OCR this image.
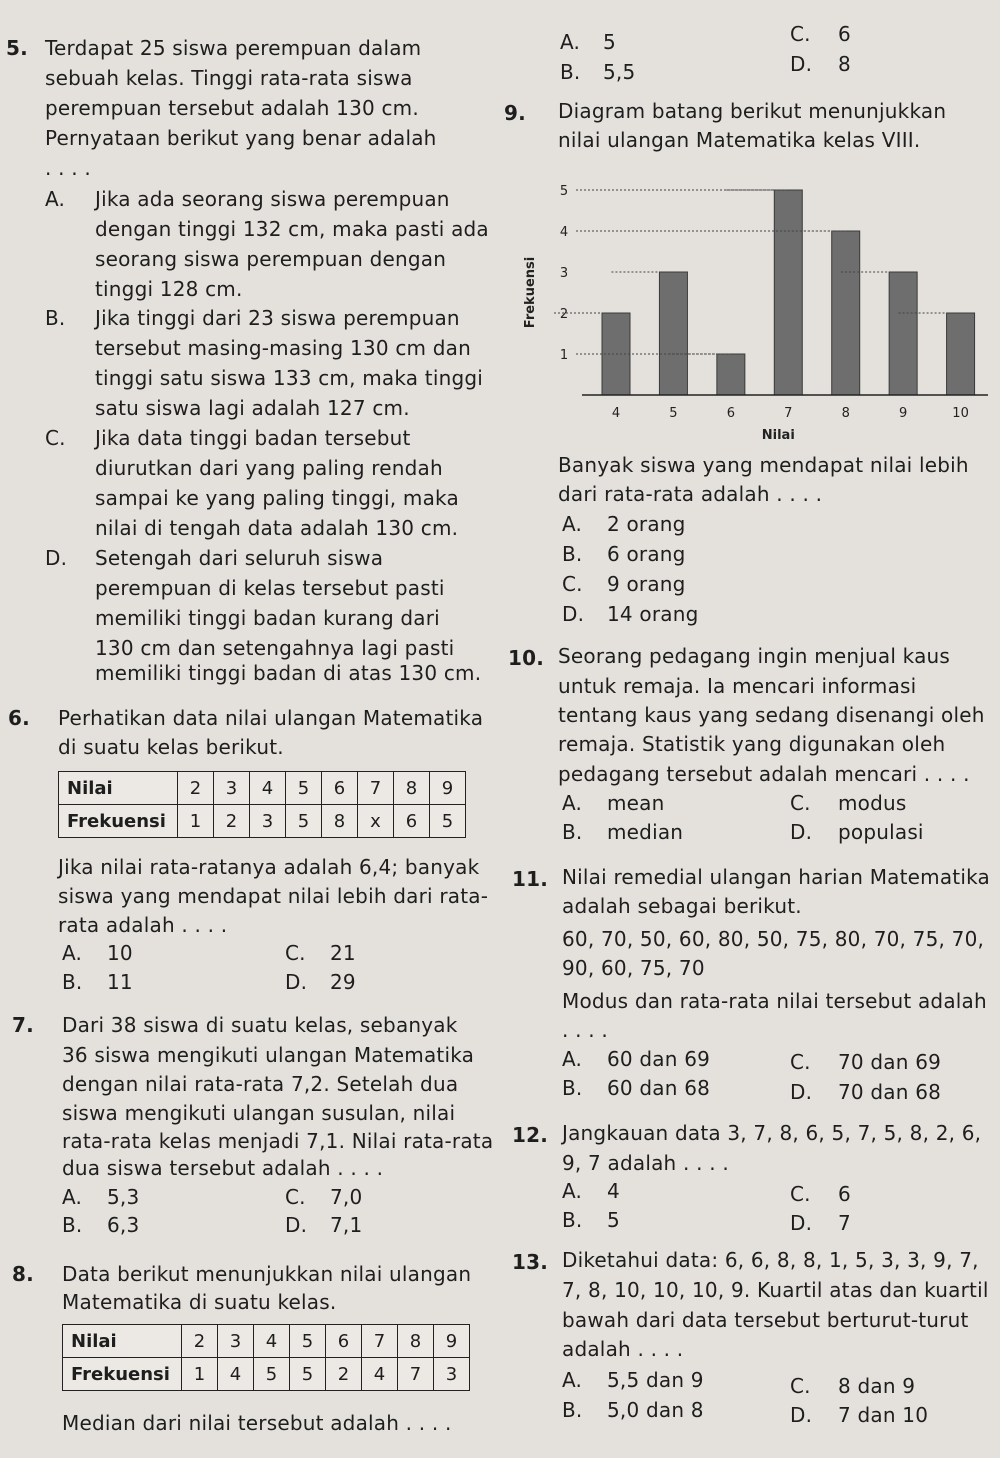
5. Terdapat 25 siswa perempuan dalam
sebuah kelas. Tinggi rata-rata siswa
perempuan tersebut adalah 130 cm.
Pernyataan berikut yang benar adalah
. . . .
A. Jika ada seorang siswa perempuan
dengan tinggi 132 cm, maka pasti ada
seorang siswa perempuan dengan
tinggi 128 cm.
B. Jika tinggi dari 23 siswa perempuan
tersebut masing-masing 130 cm dan
tinggi satu siswa 133 cm, maka tinggi
satu siswa lagi adalah 127 cm.
C. Jika data tinggi badan tersebut
diurutkan dari yang paling rendah
sampai ke yang paling tinggi, maka
nilai di tengah data adalah 130 cm.
D. Setengah dari seluruh siswa
perempuan di kelas tersebut pasti
memiliki tinggi badan kurang dari
130 cm dan setengahnya lagi pasti
memiliki tinggi badan di atas 130 cm.
6. Perhatikan data nilai ulangan Matematika
di suatu kelas berikut.
Nilai	2	3	4	5	6	7	8	9
Frekuensi	1	2	3	5	8	x	6	5
Jika nilai rata-ratanya adalah 6,4; banyak
siswa yang mendapat nilai lebih dari rata-
rata adalah . . . .
A. 10	C. 21
B. 11	D. 29
7. Dari 38 siswa di suatu kelas, sebanyak
36 siswa mengikuti ulangan Matematika
dengan nilai rata-rata 7,2. Setelah dua
siswa mengikuti ulangan susulan, nilai
rata-rata kelas menjadi 7,1. Nilai rata-rata
dua siswa tersebut adalah . . . .
A. 5,3	C. 7,0
B. 6,3	D. 7,1
8. Data berikut menunjukkan nilai ulangan
Matematika di suatu kelas.
Nilai	2	3	4	5	6	7	8	9
Frekuensi	1	4	5	5	2	4	7	3
Median dari nilai tersebut adalah . . . .
A. 5	C. 6
B. 5,5	D. 8
9. Diagram batang berikut menunjukkan
nilai ulangan Matematika kelas VIII.
Frekuensi
1
2
3
4
5
4	5	6	7	8	9	10
Nilai
Banyak siswa yang mendapat nilai lebih
dari rata-rata adalah . . . .
A. 2 orang
B. 6 orang
C. 9 orang
D. 14 orang
10. Seorang pedagang ingin menjual kaus
untuk remaja. Ia mencari informasi
tentang kaus yang sedang disenangi oleh
remaja. Statistik yang digunakan oleh
pedagang tersebut adalah mencari . . . .
A. mean	C. modus
B. median	D. populasi
11. Nilai remedial ulangan harian Matematika
adalah sebagai berikut.
60, 70, 50, 60, 80, 50, 75, 80, 70, 75, 70,
90, 60, 75, 70
Modus dan rata-rata nilai tersebut adalah
. . . .
A. 60 dan 69	C. 70 dan 69
B. 60 dan 68	D. 70 dan 68
12. Jangkauan data 3, 7, 8, 6, 5, 7, 5, 8, 2, 6,
9, 7 adalah . . . .
A. 4	C. 6
B. 5	D. 7
13. Diketahui data: 6, 6, 8, 8, 1, 5, 3, 3, 9, 7,
7, 8, 10, 10, 10, 9. Kuartil atas dan kuartil
bawah dari data tersebut berturut-turut
adalah . . . .
A. 5,5 dan 9	C. 8 dan 9
B. 5,0 dan 8	D. 7 dan 10
